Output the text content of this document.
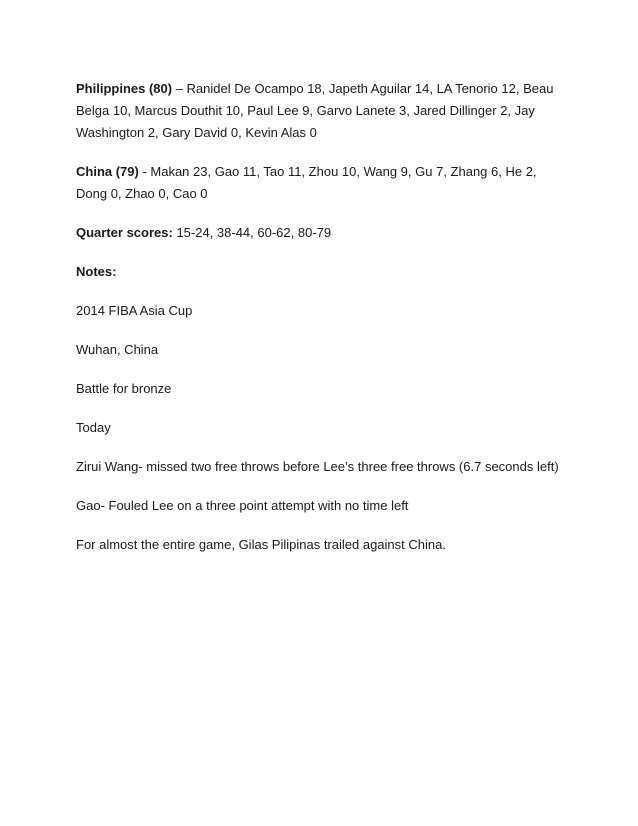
Philippines (80) – Ranidel De Ocampo 18, Japeth Aguilar 14, LA Tenorio 12, Beau Belga 10, Marcus Douthit 10, Paul Lee 9, Garvo Lanete 3, Jared Dillinger 2, Jay Washington 2, Gary David 0, Kevin Alas 0

China (79) - Makan 23, Gao 11, Tao 11, Zhou 10, Wang 9, Gu 7, Zhang 6, He 2, Dong 0, Zhao 0, Cao 0

Quarter scores: 15-24, 38-44, 60-62, 80-79

Notes:

2014 FIBA Asia Cup

Wuhan, China

Battle for bronze

Today

Zirui Wang- missed two free throws before Lee’s three free throws (6.7 seconds left)

Gao- Fouled Lee on a three point attempt with no time left

For almost the entire game, Gilas Pilipinas trailed against China.
